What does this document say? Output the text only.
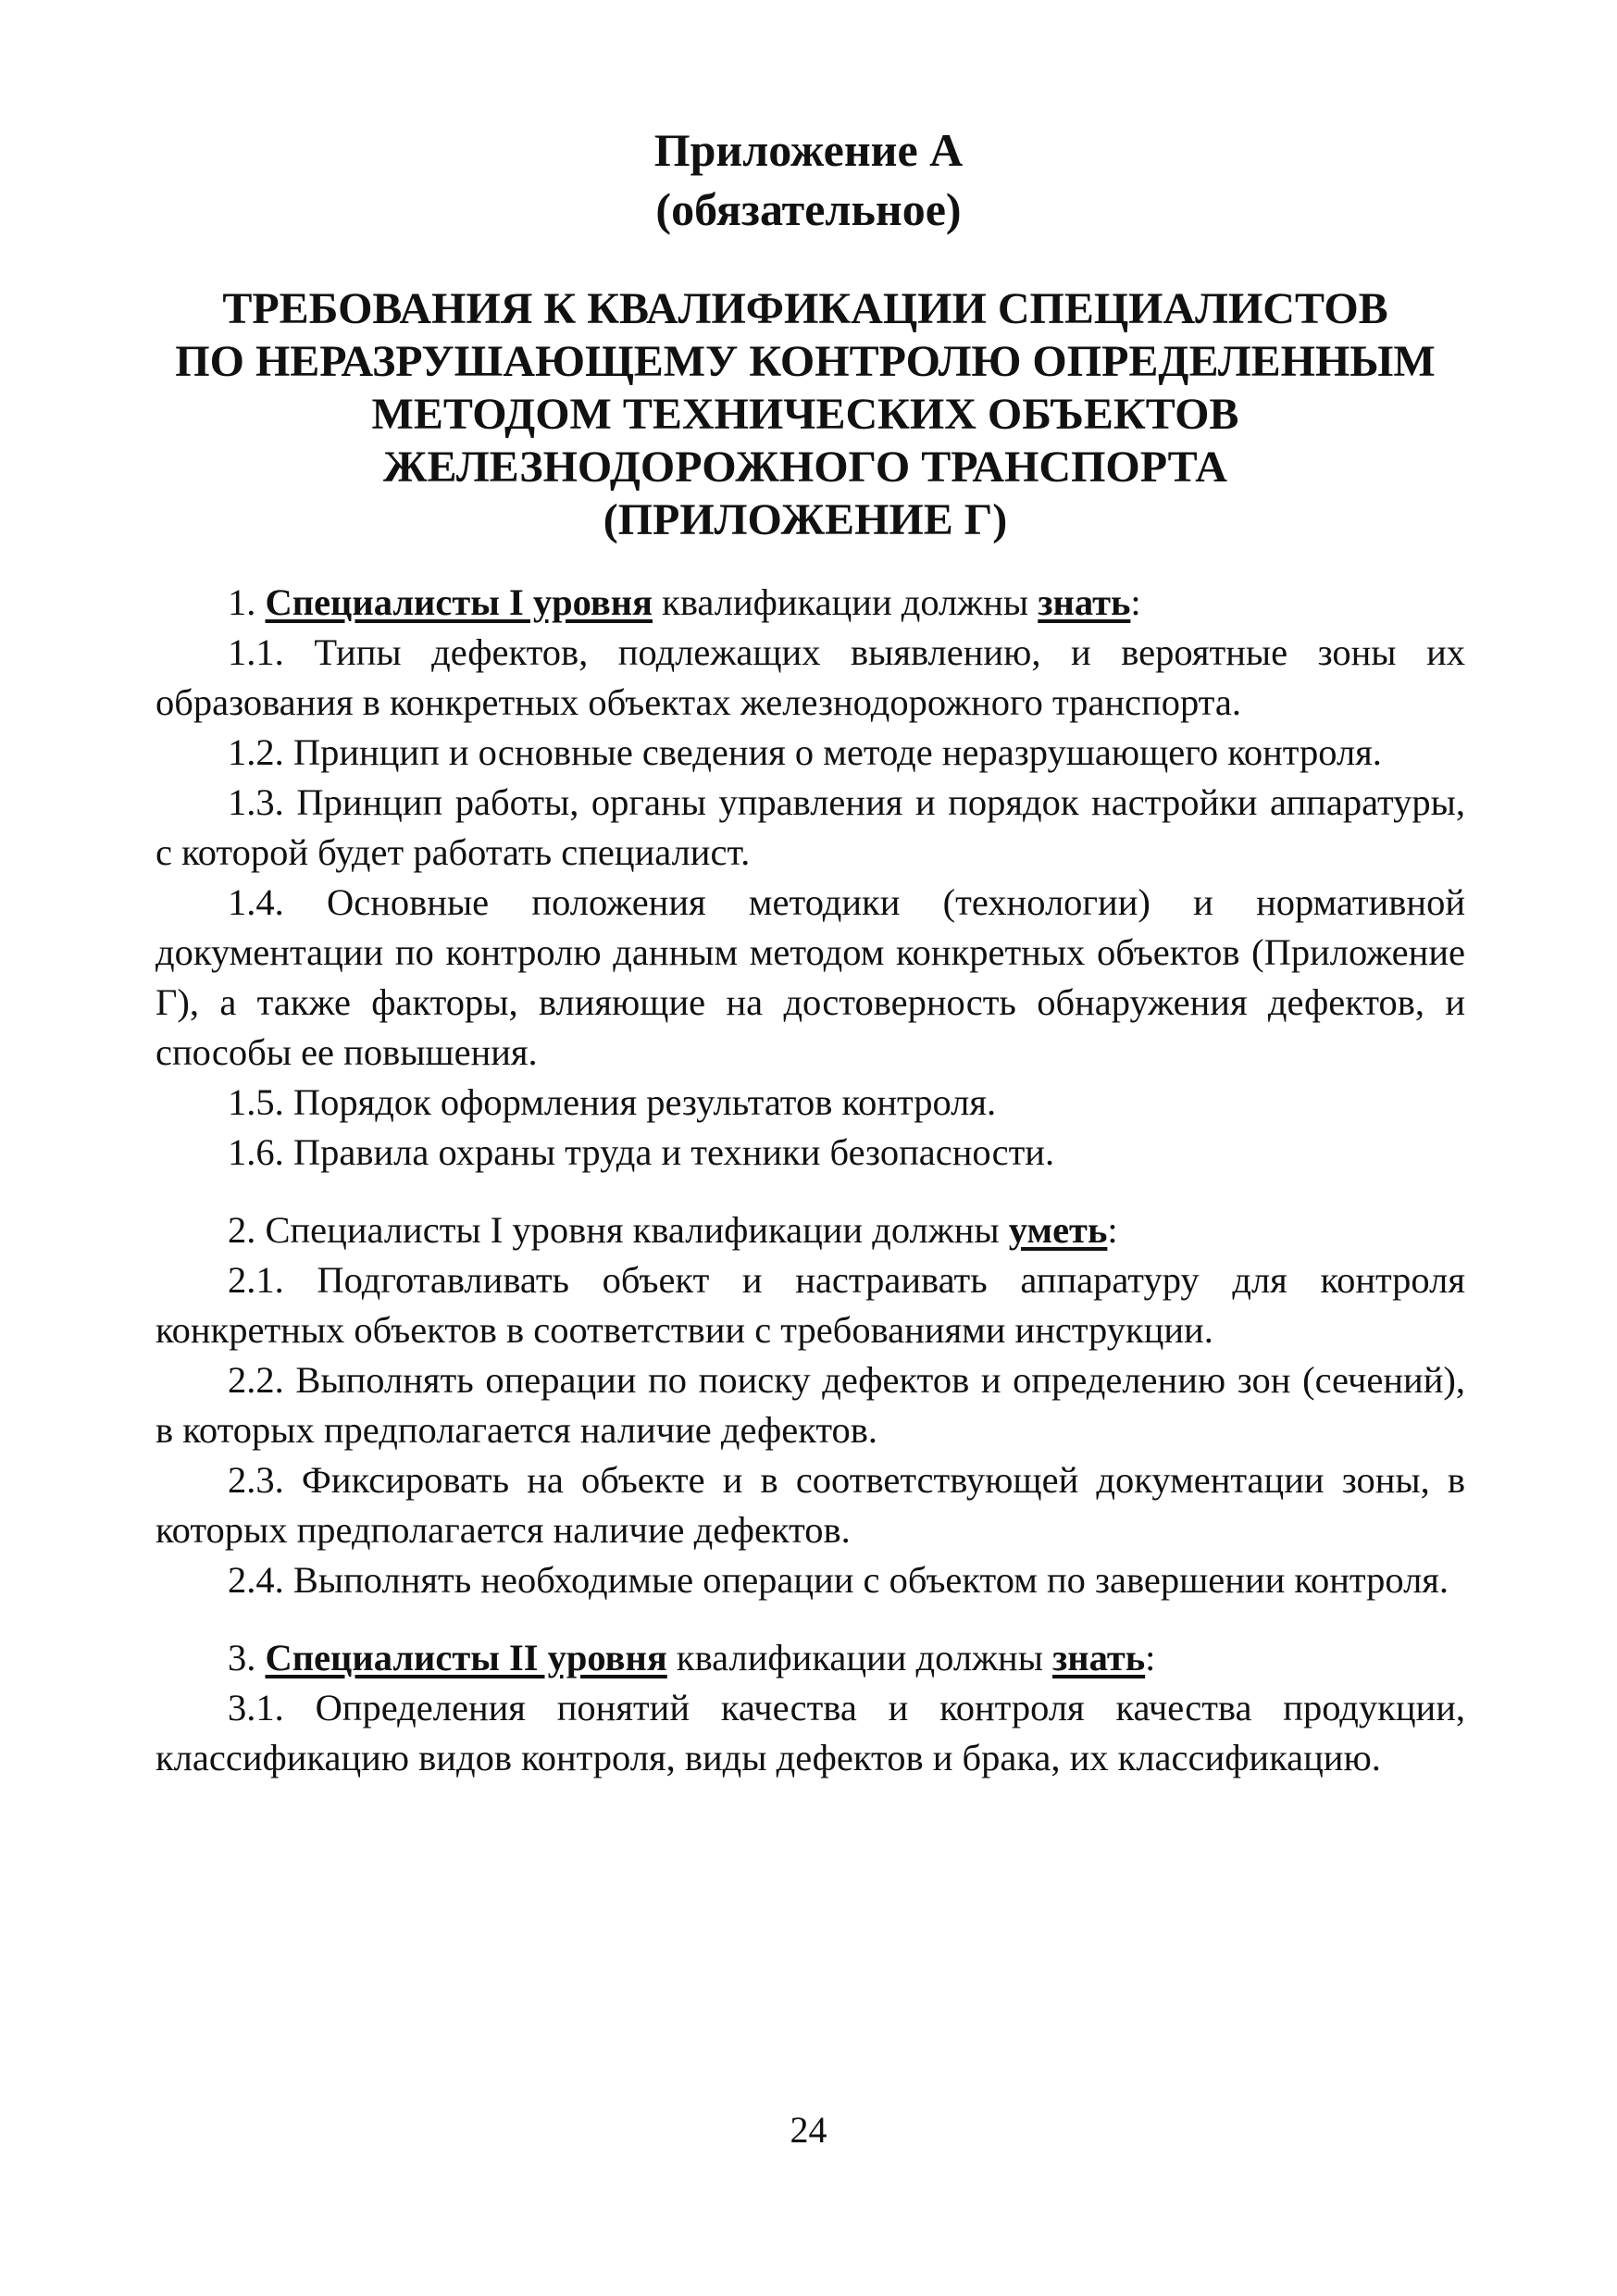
Приложение А
(обязательное)
ТРЕБОВАНИЯ К КВАЛИФИКАЦИИ СПЕЦИАЛИСТОВ
ПО НЕРАЗРУШАЮЩЕМУ КОНТРОЛЮ ОПРЕДЕЛЕННЫМ
МЕТОДОМ ТЕХНИЧЕСКИХ ОБЪЕКТОВ
ЖЕЛЕЗНОДОРОЖНОГО ТРАНСПОРТА
(ПРИЛОЖЕНИЕ Г)

1. Специалисты I уровня квалификации должны знать:

1.1. Типы дефектов, подлежащих выявлению, и вероятные зоны их образования в конкретных объектах железнодорожного транспорта.

1.2. Принцип и основные сведения о методе неразрушающего контроля.

1.3. Принцип работы, органы управления и порядок настройки аппаратуры, с которой будет работать специалист.

1.4. Основные положения методики (технологии) и нормативной документации по контролю данным методом конкретных объектов (Приложение Г), а также факторы, влияющие на достоверность обнаружения дефектов, и способы ее повышения.

1.5. Порядок оформления результатов контроля.

1.6. Правила охраны труда и техники безопасности.

2. Специалисты I уровня квалификации должны уметь:

2.1. Подготавливать объект и настраивать аппаратуру для контроля конкретных объектов в соответствии с требованиями инструкции.

2.2. Выполнять операции по поиску дефектов и определению зон (сечений), в которых предполагается наличие дефектов.

2.3. Фиксировать на объекте и в соответствующей документации зоны, в которых предполагается наличие дефектов.

2.4. Выполнять необходимые операции с объектом по завершении контроля.

3. Специалисты II уровня квалификации должны знать:

3.1. Определения понятий качества и контроля качества продукции, классификацию видов контроля, виды дефектов и брака, их классификацию.

24
